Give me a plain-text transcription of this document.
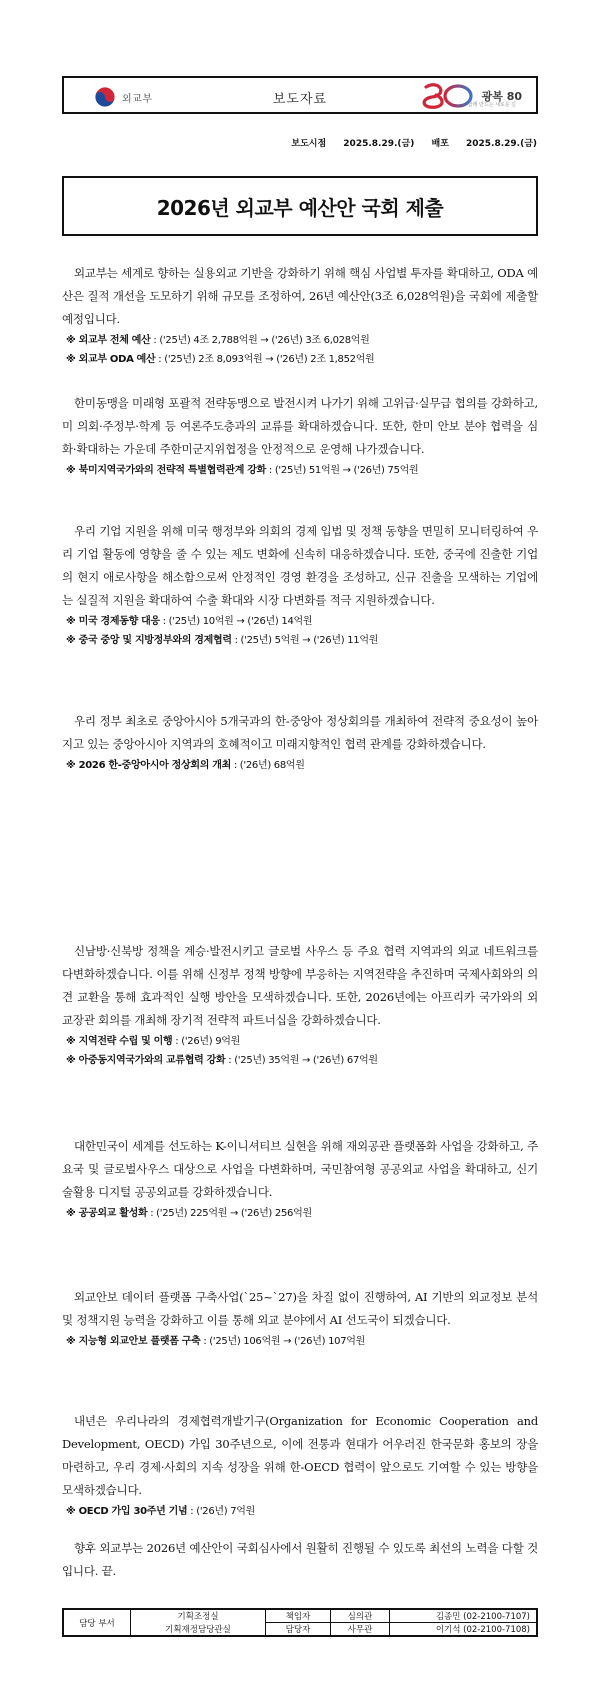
외교부	보도자료	광복 80
함께 만드는 새로운 길
보도시점 2025.8.29.(금) 배포 2025.8.29.(금)
2026년 외교부 예산안 국회 제출

외교부는 세계로 향하는 실용외교 기반을 강화하기 위해 핵심 사업별 투자를 확대하고, ODA 예산은 질적 개선을 도모하기 위해 규모를 조정하여, 26년 예산안(3조 6,028억원)을 국회에 제출할 예정입니다.

※ 외교부 전체 예산 : ('25년) 4조 2,788억원 → ('26년) 3조 6,028억원
※ 외교부 ODA 예산 : ('25년) 2조 8,093억원 → ('26년) 2조 1,852억원

한미동맹을 미래형 포괄적 전략동맹으로 발전시켜 나가기 위해 고위급·실무급 협의를 강화하고, 미 의회·주정부·학계 등 여론주도층과의 교류를 확대하겠습니다. 또한, 한미 안보 분야 협력을 심화·확대하는 가운데 주한미군지위협정을 안정적으로 운영해 나가겠습니다.

※ 북미지역국가와의 전략적 특별협력관계 강화 : ('25년) 51억원 → ('26년) 75억원

우리 기업 지원을 위해 미국 행정부와 의회의 경제 입법 및 정책 동향을 면밀히 모니터링하여 우리 기업 활동에 영향을 줄 수 있는 제도 변화에 신속히 대응하겠습니다. 또한, 중국에 진출한 기업의 현지 애로사항을 해소함으로써 안정적인 경영 환경을 조성하고, 신규 진출을 모색하는 기업에는 실질적 지원을 확대하여 수출 확대와 시장 다변화를 적극 지원하겠습니다.

※ 미국 경제동향 대응 : ('25년) 10억원 → ('26년) 14억원
※ 중국 중앙 및 지방정부와의 경제협력 : ('25년) 5억원 → ('26년) 11억원

우리 정부 최초로 중앙아시아 5개국과의 한-중앙아 정상회의를 개최하여 전략적 중요성이 높아지고 있는 중앙아시아 지역과의 호혜적이고 미래지향적인 협력 관계를 강화하겠습니다.

※ 2026 한-중앙아시아 정상회의 개최 : ('26년) 68억원

신남방·신북방 정책을 계승·발전시키고 글로벌 사우스 등 주요 협력 지역과의 외교 네트워크를 다변화하겠습니다. 이를 위해 신정부 정책 방향에 부응하는 지역전략을 추진하며 국제사회와의 의견 교환을 통해 효과적인 실행 방안을 모색하겠습니다. 또한, 2026년에는 아프리카 국가와의 외교장관 회의를 개최해 장기적 전략적 파트너십을 강화하겠습니다.

※ 지역전략 수립 및 이행 : ('26년) 9억원
※ 아중동지역국가와의 교류협력 강화 : ('25년) 35억원 → ('26년) 67억원

대한민국이 세계를 선도하는 K-이니셔티브 실현을 위해 재외공관 플랫폼화 사업을 강화하고, 주요국 및 글로벌사우스 대상으로 사업을 다변화하며, 국민참여형 공공외교 사업을 확대하고, 신기술활용 디지털 공공외교를 강화하겠습니다.

※ 공공외교 활성화 : ('25년) 225억원 → ('26년) 256억원

외교안보 데이터 플랫폼 구축사업(`25~`27)을 차질 없이 진행하여, AI 기반의 외교정보 분석 및 정책지원 능력을 강화하고 이를 통해 외교 분야에서 AI 선도국이 되겠습니다.

※ 지능형 외교안보 플랫폼 구축 : ('25년) 106억원 → ('26년) 107억원

내년은 우리나라의 경제협력개발기구(Organization for Economic Cooperation and Development, OECD) 가입 30주년으로, 이에 전통과 현대가 어우러진 한국문화 홍보의 장을 마련하고, 우리 경제·사회의 지속 성장을 위해 한-OECD 협력이 앞으로도 기여할 수 있는 방향을 모색하겠습니다.

※ OECD 가입 30주년 기념 : ('26년) 7억원

향후 외교부는 2026년 예산안이 국회심사에서 원활히 진행될 수 있도록 최선의 노력을 다할 것입니다. 끝.

담당 부서	기획조정실	책임자	심의관	김종민 (02-2100-7107)
	기획재정담당관실	담당자	사무관	이기석 (02-2100-7108)
